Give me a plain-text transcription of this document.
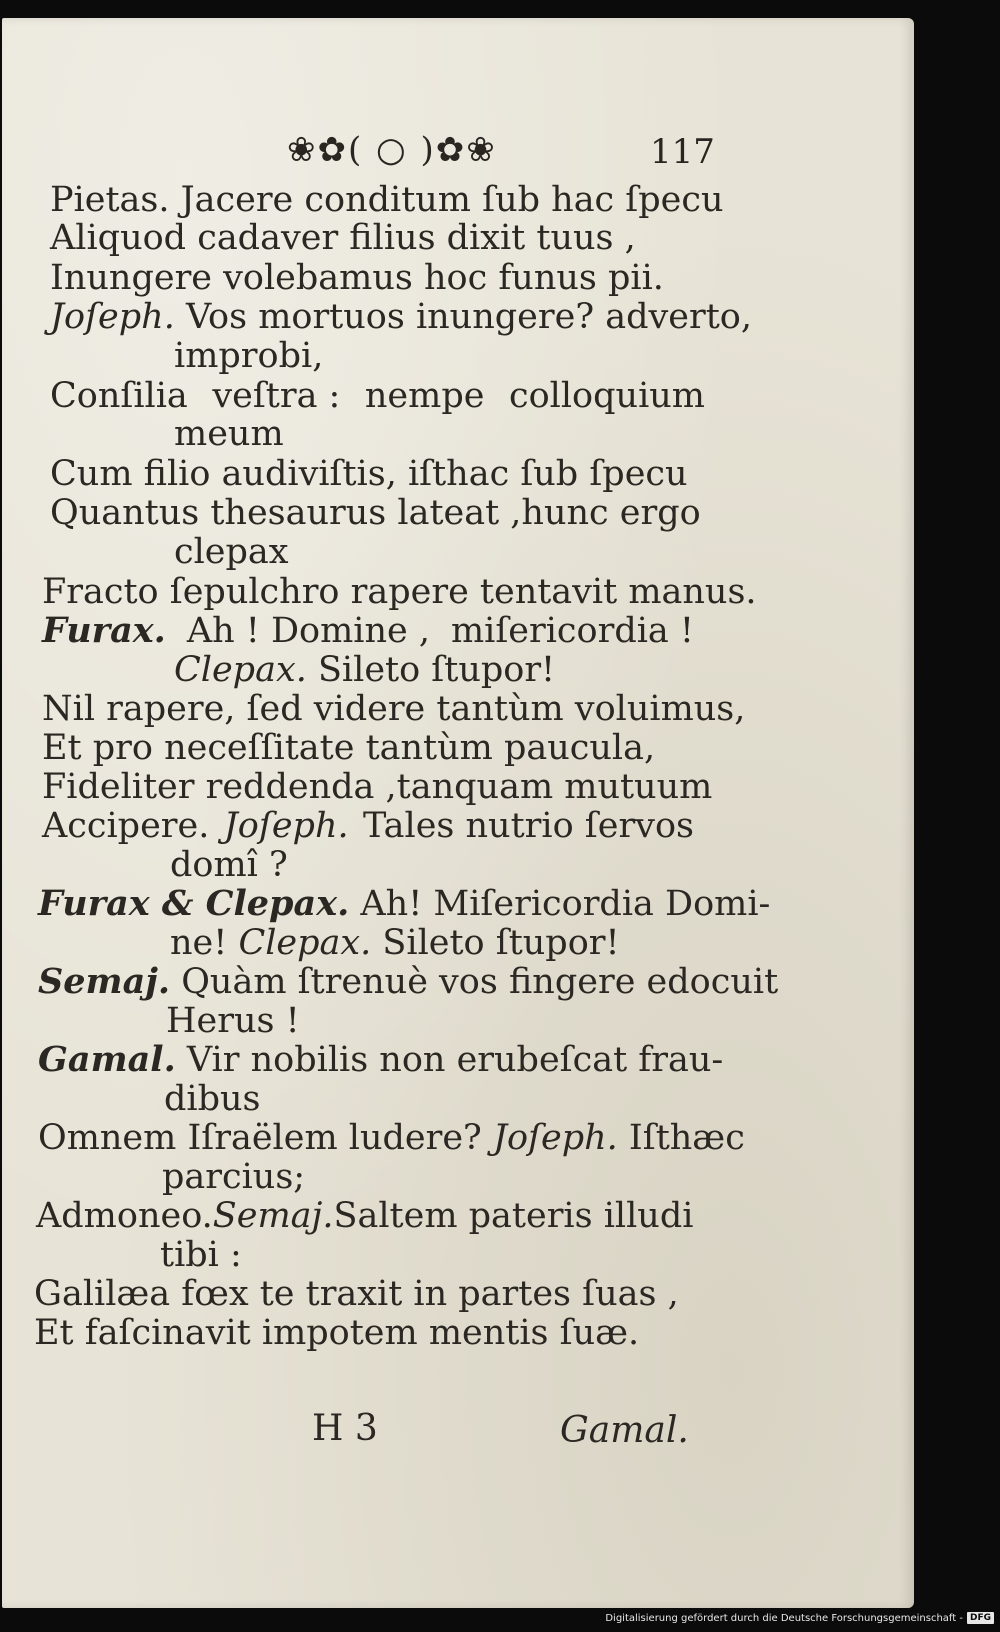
❀✿( ○ )✿❀	117
Pietas. Jacere conditum ſub hac ſpecu
Aliquod cadaver filius dixit tuus ,
Inungere volebamus hoc funus pii.
Joſeph. Vos mortuos inungere? adverto,
improbi,
Conſilia veſtra : nempe colloquium
meum
Cum filio audiviſtis, iſthac ſub ſpecu
Quantus thesaurus lateat , hunc ergo
clepax
Fracto ſepulchro rapere tentavit manus.
Furax. Ah ! Domine , miſericordia !
Clepax. Sileto ſtupor!
Nil rapere, ſed videre tantùm voluimus,
Et pro neceſſitate tantùm paucula,
Fideliter reddenda , tanquam mutuum
Accipere. Joſeph. Tales nutrio ſervos
domî ?
Furax & Clepax. Ah! Miſericordia Domi-
ne! Clepax. Sileto ſtupor!
Semaj. Quàm ſtrenuè vos fingere edocuit
Herus !
Gamal. Vir nobilis non erubeſcat frau-
dibus
Omnem Iſraëlem ludere? Joſeph. Iſthæc
parcius;
Admoneo. Semaj. Saltem pateris illudi
tibi :
Galilæa fœx te traxit in partes ſuas ,
Et faſcinavit impotem mentis ſuæ.
H 3	Gamal.
Digitalisierung gefördert durch die Deutsche Forschungsgemeinschaft - DFG
